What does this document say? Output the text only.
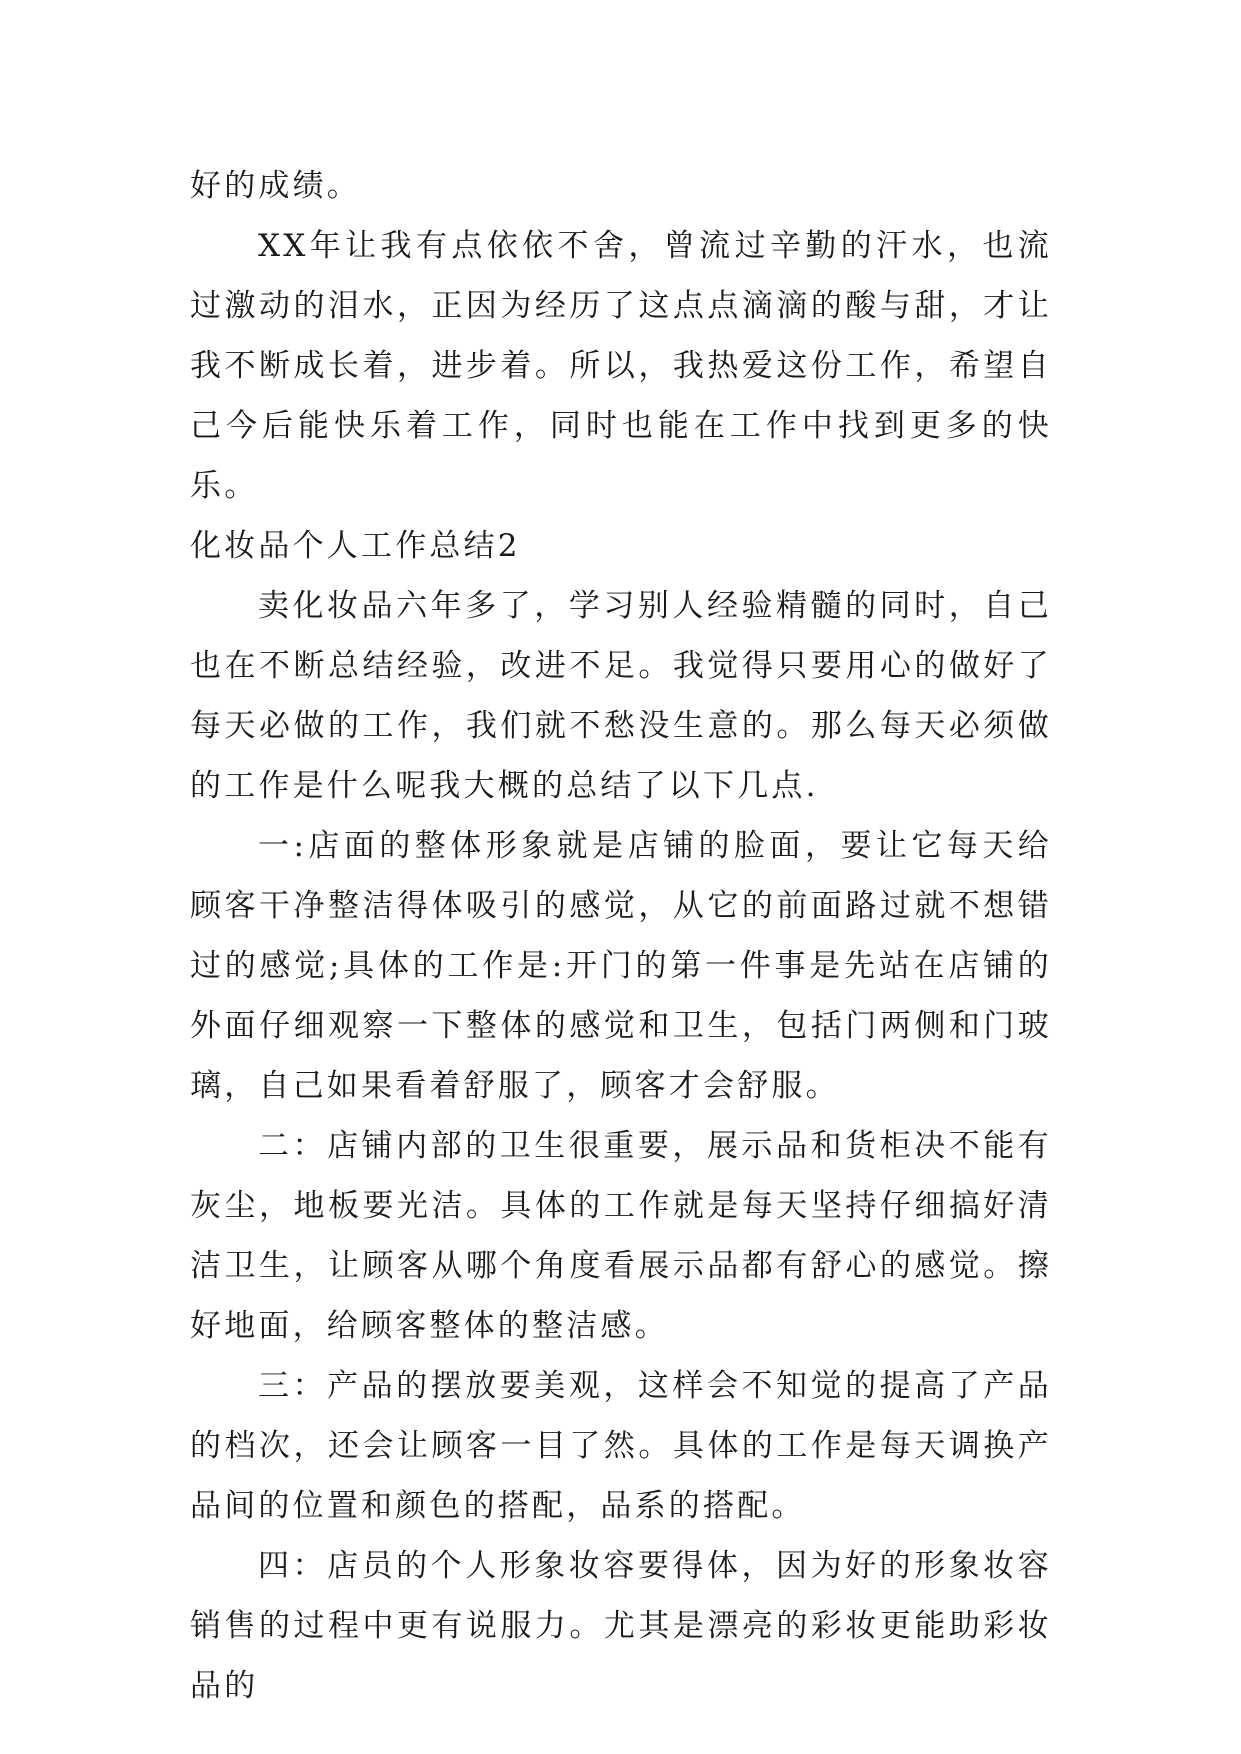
好的成绩。

XX年让我有点依依不舍，曾流过辛勤的汗水，也流过激动的泪水，正因为经历了这点点滴滴的酸与甜，才让我不断成长着，进步着。所以，我热爱这份工作，希望自己今后能快乐着工作，同时也能在工作中找到更多的快乐。

化妆品个人工作总结2

卖化妆品六年多了，学习别人经验精髓的同时，自己也在不断总结经验，改进不足。我觉得只要用心的做好了每天必做的工作，我们就不愁没生意的。那么每天必须做的工作是什么呢我大概的总结了以下几点.

一:店面的整体形象就是店铺的脸面，要让它每天给顾客干净整洁得体吸引的感觉，从它的前面路过就不想错过的感觉;具体的工作是:开门的第一件事是先站在店铺的外面仔细观察一下整体的感觉和卫生，包括门两侧和门玻璃，自己如果看着舒服了，顾客才会舒服。

二：店铺内部的卫生很重要，展示品和货柜决不能有灰尘，地板要光洁。具体的工作就是每天坚持仔细搞好清洁卫生，让顾客从哪个角度看展示品都有舒心的感觉。擦好地面，给顾客整体的整洁感。

三：产品的摆放要美观，这样会不知觉的提高了产品的档次，还会让顾客一目了然。具体的工作是每天调换产品间的位置和颜色的搭配，品系的搭配。

四：店员的个人形象妆容要得体，因为好的形象妆容销售的过程中更有说服力。尤其是漂亮的彩妆更能助彩妆品的
